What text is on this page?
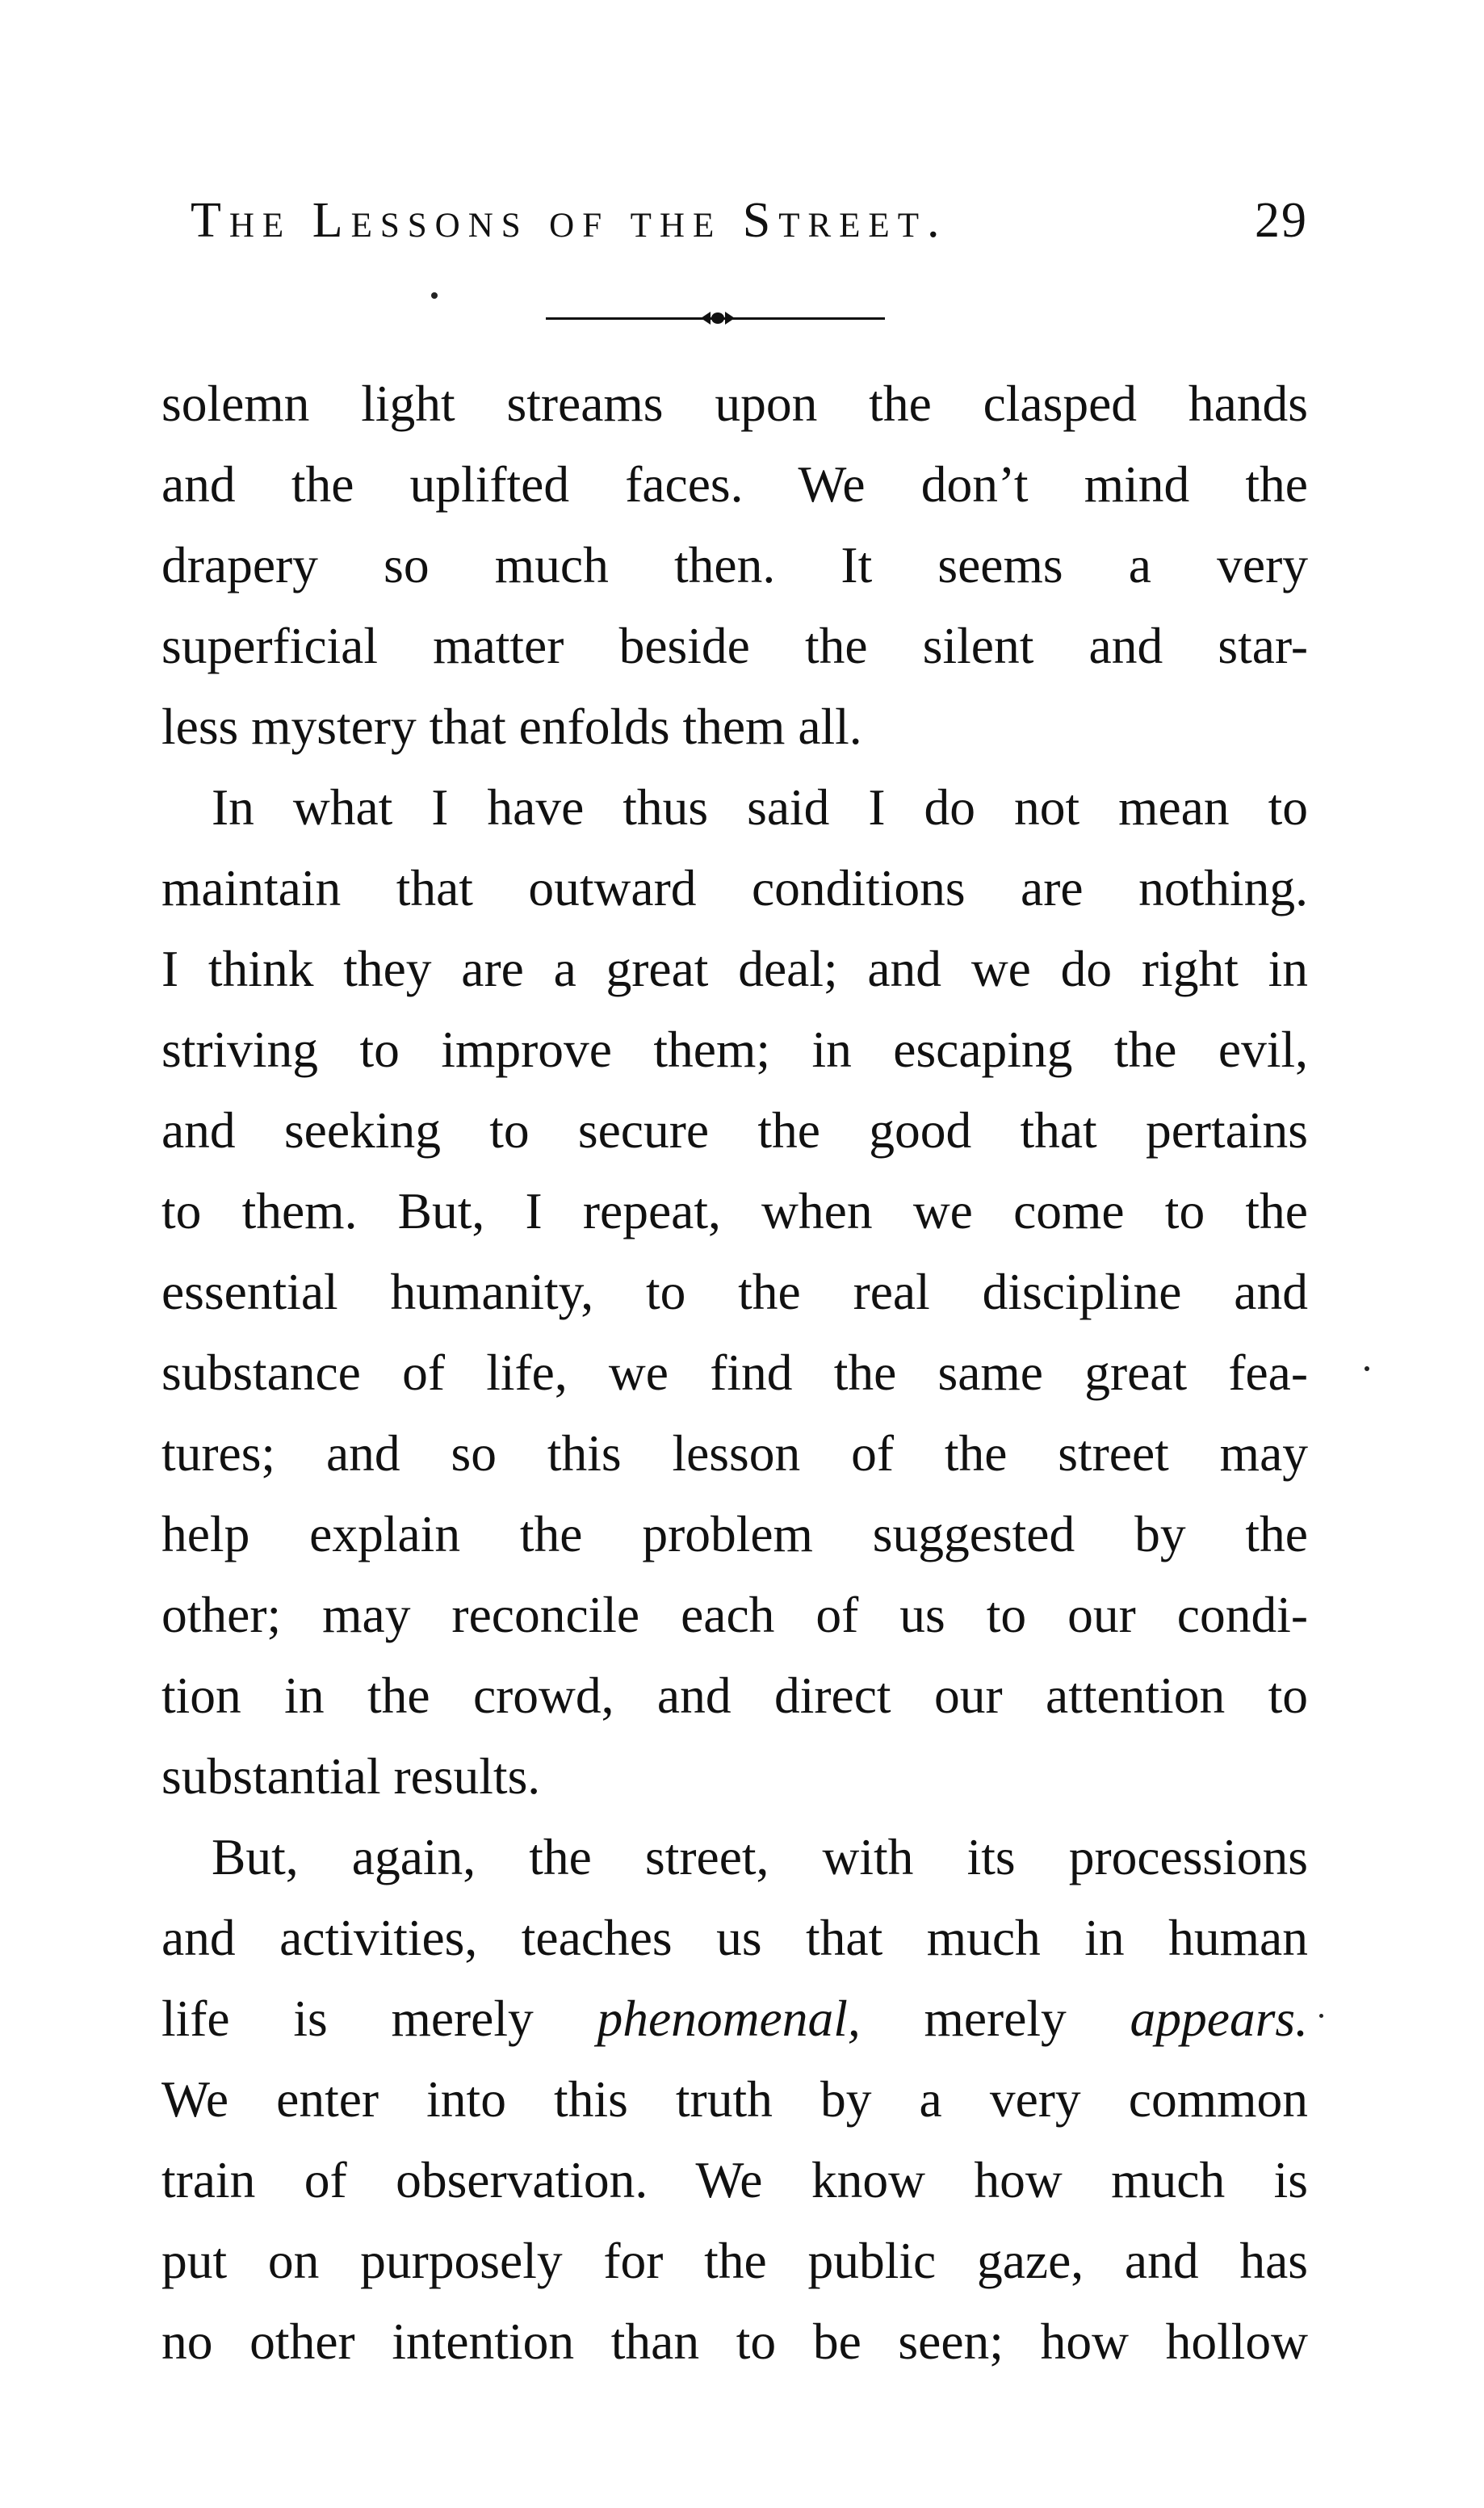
The Lessons of the Street.	29
solemn light streams upon the clasped hands
and the uplifted faces. We don’t mind the
drapery so much then. It seems a very
superficial matter beside the silent and star-
less mystery that enfolds them all.
In what I have thus said I do not mean to
maintain that outward conditions are nothing.
I think they are a great deal; and we do right in
striving to improve them; in escaping the evil,
and seeking to secure the good that pertains
to them. But, I repeat, when we come to the
essential humanity, to the real discipline and
substance of life, we find the same great fea-
tures; and so this lesson of the street may
help explain the problem suggested by the
other; may reconcile each of us to our condi-
tion in the crowd, and direct our attention to
substantial results.
But, again, the street, with its processions
and activities, teaches us that much in human
life is merely phenomenal, merely appears.
We enter into this truth by a very common
train of observation. We know how much is
put on purposely for the public gaze, and has
no other intention than to be seen; how hollow
